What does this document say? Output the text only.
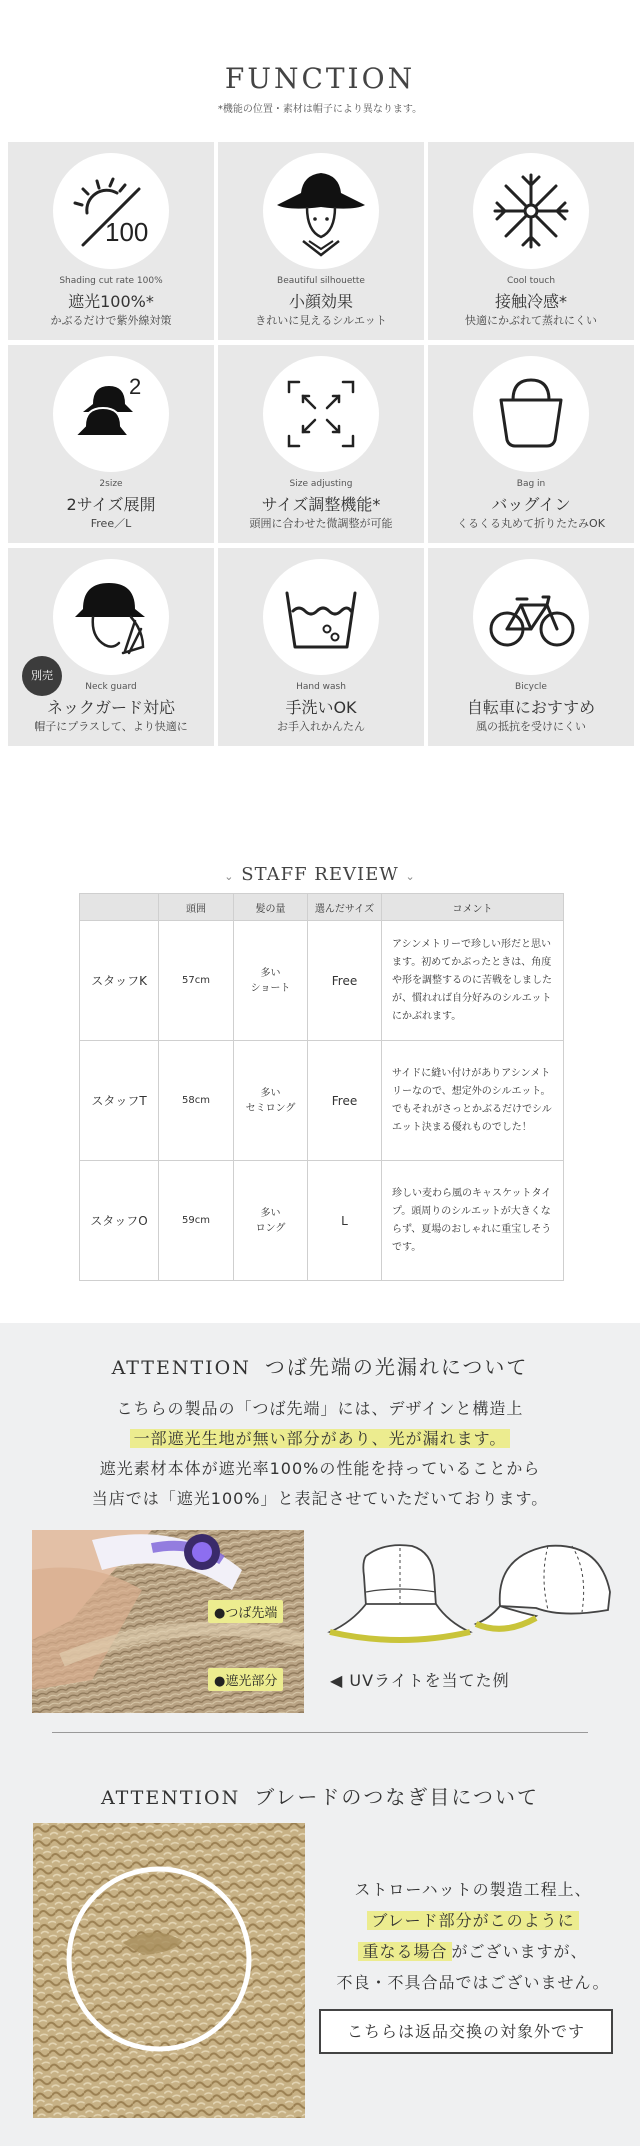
FUNCTION
*機能の位置・素材は帽子により異なります。
100
Shading cut rate 100%
遮光100%*
かぶるだけで紫外線対策
Beautiful silhouette
小顔効果
きれいに見えるシルエット
Cool touch
接触冷感*
快適にかぶれて蒸れにくい
2
2size
2サイズ展開
Free／L
Size adjusting
サイズ調整機能*
頭囲に合わせた微調整が可能
Bag in
バッグイン
くるくる丸めて折りたたみOK
別売
Neck guard
ネックガード対応
帽子にプラスして、より快適に
Hand wash
手洗いOK
お手入れかんたん
Bicycle
自転車におすすめ
風の抵抗を受けにくい
⌄ STAFF REVIEW ⌄
	頭囲	髪の量	選んだサイズ	コメント
スタッフK	57cm	多い
ショート	Free	アシンメトリーで珍しい形だと思います。初めてかぶったときは、角度や形を調整するのに苦戦をしましたが、慣れれば自分好みのシルエットにかぶれます。
スタッフT	58cm	多い
セミロング	Free	サイドに縫い付けがありアシンメトリーなので、想定外のシルエット。でもそれがさっとかぶるだけでシルエット決まる優れものでした！
スタッフO	59cm	多い
ロング	L	珍しい麦わら風のキャスケットタイプ。頭周りのシルエットが大きくならず、夏場のおしゃれに重宝しそうです。
ATTENTION つば先端の光漏れについて
こちらの製品の「つば先端」には、デザインと構造上
一部遮光生地が無い部分があり、光が漏れます。
遮光素材本体が遮光率100%の性能を持っていることから
当店では「遮光100%」と表記させていただいております。
●つば先端
●遮光部分	◀ UVライトを当てた例
ATTENTION ブレードのつなぎ目について
ストローハットの製造工程上、
ブレード部分がこのように
重なる場合 がございますが、
不良・不具合品ではございません。
こちらは返品交換の対象外です
